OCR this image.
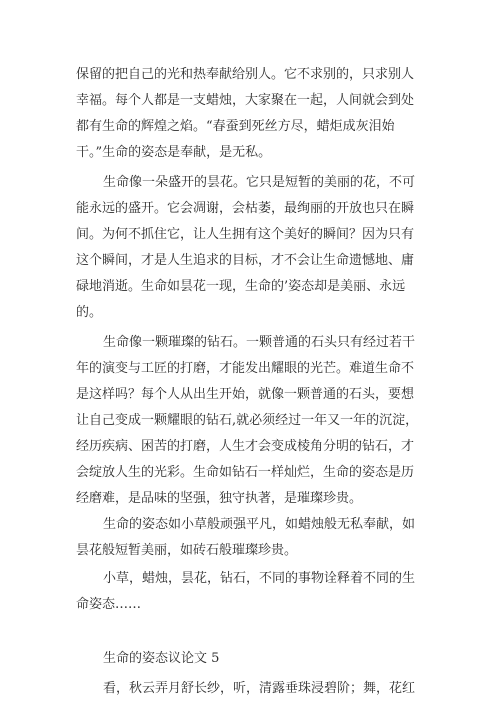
保留的把自己的光和热奉献给别人。它不求别的，只求别人
幸福。每个人都是一支蜡烛，大家聚在一起，人间就会到处
都有生命的辉煌之焰。“春蚕到死丝方尽，蜡炬成灰泪始
干。”生命的姿态是奉献，是无私。
生命像一朵盛开的昙花。它只是短暂的美丽的花，不可
能永远的盛开。它会凋谢，会枯萎，最绚丽的开放也只在瞬
间。为何不抓住它，让人生拥有这个美好的瞬间？因为只有
这个瞬间，才是人生追求的目标，才不会让生命遗憾地、庸
碌地消逝。生命如昙花一现，生命的’姿态却是美丽、永远
的。
生命像一颗璀璨的钻石。一颗普通的石头只有经过若干
年的演变与工匠的打磨，才能发出耀眼的光芒。难道生命不
是这样吗？每个人从出生开始，就像一颗普通的石头，要想
让自己变成一颗耀眼的钻石,就必须经过一年又一年的沉淀，
经历疾病、困苦的打磨，人生才会变成棱角分明的钻石，才
会绽放人生的光彩。生命如钻石一样灿烂，生命的姿态是历
经磨难，是品味的坚强，独守执著，是璀璨珍贵。
生命的姿态如小草般顽强平凡，如蜡烛般无私奉献，如
昙花般短暂美丽，如砖石般璀璨珍贵。
小草，蜡烛，昙花，钻石，不同的事物诠释着不同的生
命姿态……
生命的姿态议论文 5
看，秋云弄月舒长纱，听，清露垂珠浸碧阶；舞，花红
